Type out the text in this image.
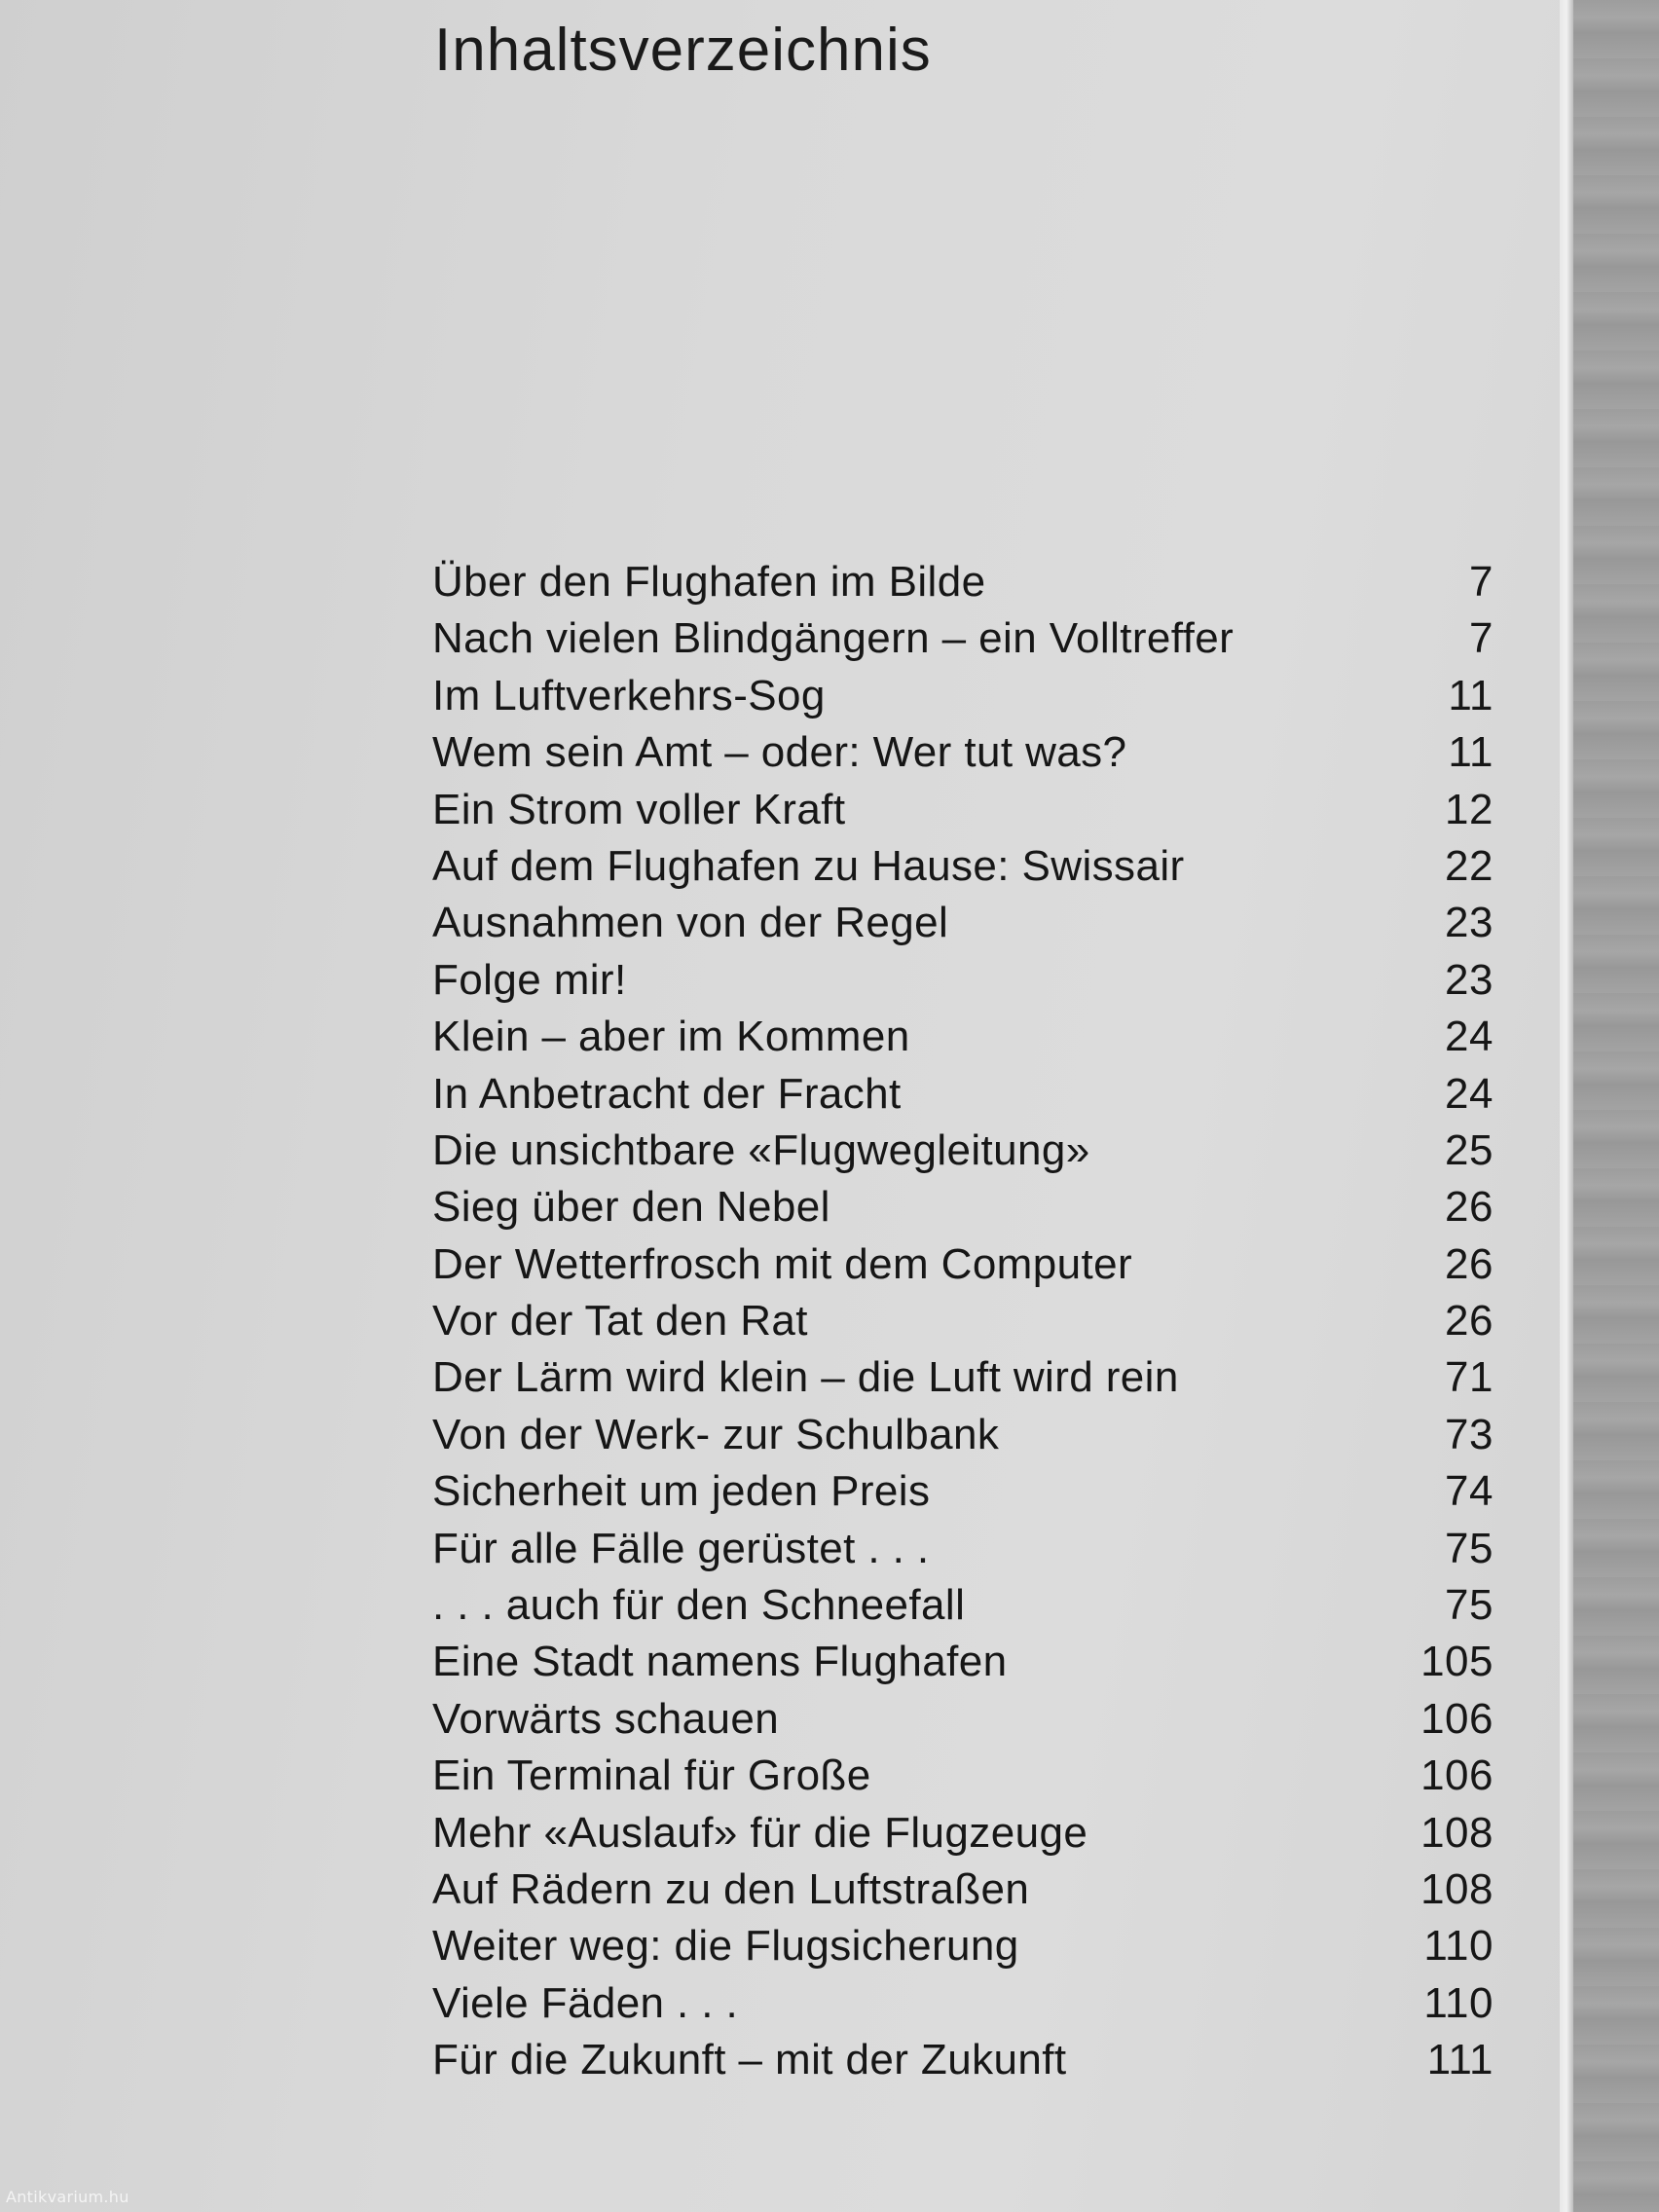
Inhaltsverzeichnis
Über den Flughafen im Bilde	7
Nach vielen Blindgängern – ein Volltreffer	7
Im Luftverkehrs-Sog	11
Wem sein Amt – oder: Wer tut was?	11
Ein Strom voller Kraft	12
Auf dem Flughafen zu Hause: Swissair	22
Ausnahmen von der Regel	23
Folge mir!	23
Klein – aber im Kommen	24
In Anbetracht der Fracht	24
Die unsichtbare «Flugwegleitung»	25
Sieg über den Nebel	26
Der Wetterfrosch mit dem Computer	26
Vor der Tat den Rat	26
Der Lärm wird klein – die Luft wird rein	71
Von der Werk- zur Schulbank	73
Sicherheit um jeden Preis	74
Für alle Fälle gerüstet . . .	75
. . . auch für den Schneefall	75
Eine Stadt namens Flughafen	105
Vorwärts schauen	106
Ein Terminal für Große	106
Mehr «Auslauf» für die Flugzeuge	108
Auf Rädern zu den Luftstraßen	108
Weiter weg: die Flugsicherung	110
Viele Fäden . . .	110
Für die Zukunft – mit der Zukunft	111
Antikvarium.hu
